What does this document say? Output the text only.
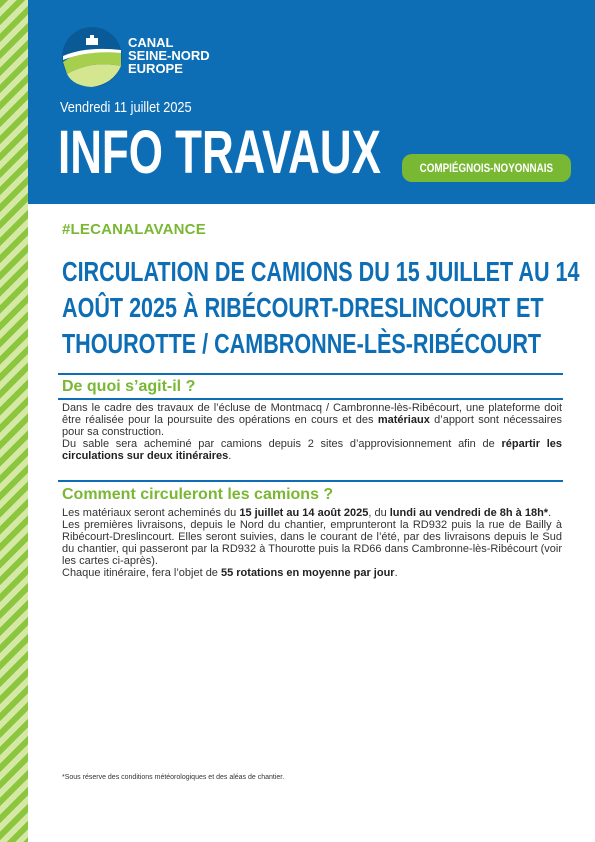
CANAL
SEINE-NORD
EUROPE
Vendredi 11 juillet 2025
INFO TRAVAUX	COMPIÉGNOIS-NOYONNAIS
#LECANALAVANCE
CIRCULATION DE CAMIONS DU 15 JUILLET AU 14
AOÛT 2025 À RIBÉCOURT-DRESLINCOURT ET
THOUROTTE / CAMBRONNE-LÈS-RIBÉCOURT
De quoi s’agit-il ?

Dans le cadre des travaux de l’écluse de Montmacq / Cambronne-lès-Ribécourt, une plateforme doit être réalisée pour la poursuite des opérations en cours et des matériaux d’apport sont nécessaires pour sa construction.

Du sable sera acheminé par camions depuis 2 sites d’approvisionnement afin de répartir les circulations sur deux itinéraires.

Comment circuleront les camions ?

Les matériaux seront acheminés du 15 juillet au 14 août 2025, du lundi au vendredi de 8h à 18h*.

Les premières livraisons, depuis le Nord du chantier, emprunteront la RD932 puis la rue de Bailly à Ribécourt-Dreslincourt. Elles seront suivies, dans le courant de l’été, par des livraisons depuis le Sud du chantier, qui passeront par la RD932 à Thourotte puis la RD66 dans Cambronne-lès-Ribécourt (voir les cartes ci-après).

Chaque itinéraire, fera l’objet de 55 rotations en moyenne par jour.

*Sous réserve des conditions météorologiques et des aléas de chantier.
